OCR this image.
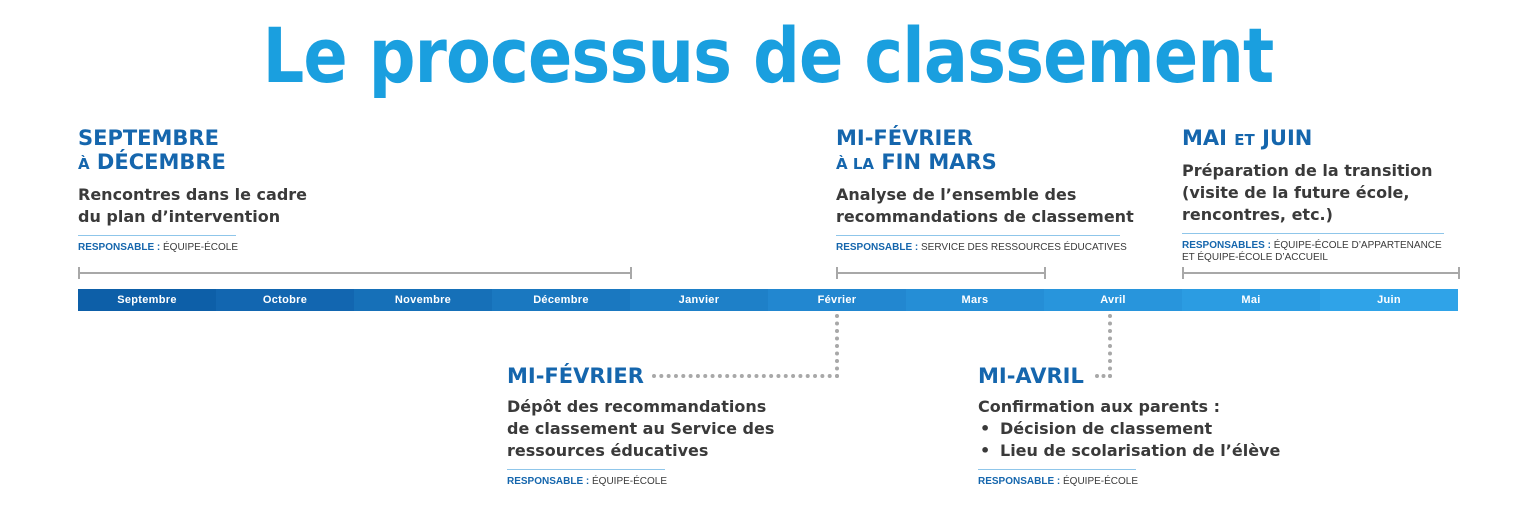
Le processus de classement
SEPTEMBRE
À DÉCEMBRE
Rencontres dans le cadre
du plan d’intervention
RESPONSABLE : ÉQUIPE-ÉCOLE
MI-FÉVRIER
À LA FIN MARS
Analyse de l’ensemble des
recommandations de classement
RESPONSABLE : SERVICE DES RESSOURCES ÉDUCATIVES
MAI ET JUIN
Préparation de la transition
(visite de la future école,
rencontres, etc.)
RESPONSABLES : ÉQUIPE-ÉCOLE D’APPARTENANCE
ET ÉQUIPE-ÉCOLE D’ACCUEIL
Septembre	Octobre	Novembre	Décembre	Janvier	Février	Mars	Avril	Mai	Juin
MI-FÉVRIER
Dépôt des recommandations
de classement au Service des
ressources éducatives
RESPONSABLE : ÉQUIPE-ÉCOLE
MI-AVRIL
Confirmation aux parents :
• Décision de classement
• Lieu de scolarisation de l’élève
RESPONSABLE : ÉQUIPE-ÉCOLE
